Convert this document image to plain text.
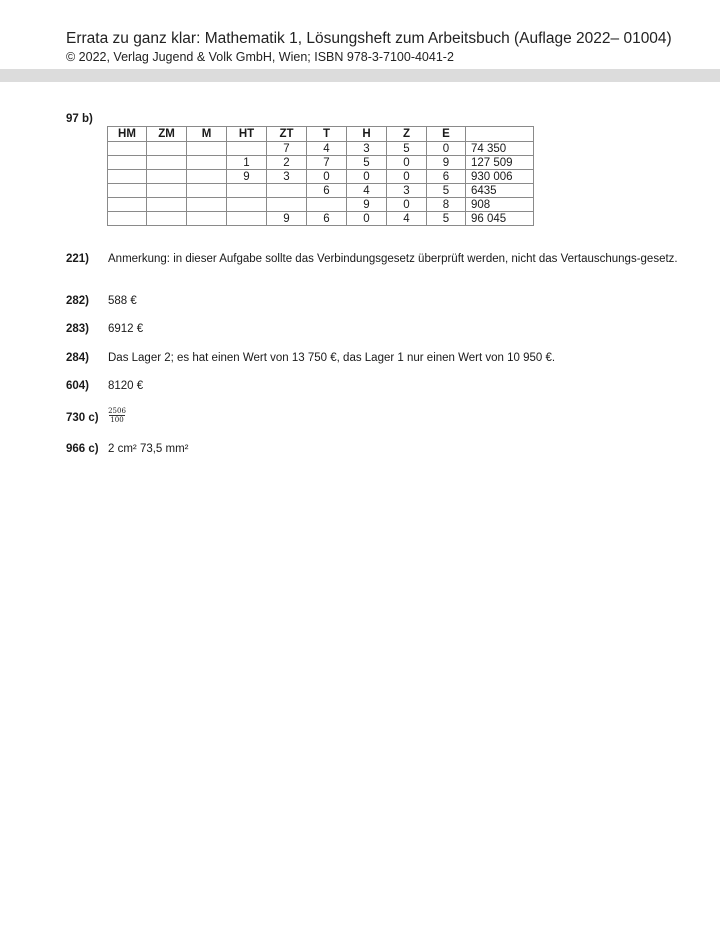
Errata zu ganz klar: Mathematik 1, Lösungsheft zum Arbeitsbuch (Auflage 2022– 01004)
© 2022, Verlag Jugend & Volk GmbH, Wien; ISBN 978-3-7100-4041-2
97 b)
HM	ZM	M	HT	ZT	T	H	Z	E	
				7	4	3	5	0	74 350
			1	2	7	5	0	9	127 509
			9	3	0	0	0	6	930 006
					6	4	3	5	6435
						9	0	8	908
				9	6	0	4	5	96 045
221) Anmerkung: in dieser Aufgabe sollte das Verbindungsgesetz überprüft werden, nicht das Vertauschungs-gesetz.
282) 588 €
283) 6912 €
284) Das Lager 2; es hat einen Wert von 13 750 €, das Lager 1 nur einen Wert von 10 950 €.
604) 8120 €
730 c)
2506
100
966 c) 2 cm² 73,5 mm²
